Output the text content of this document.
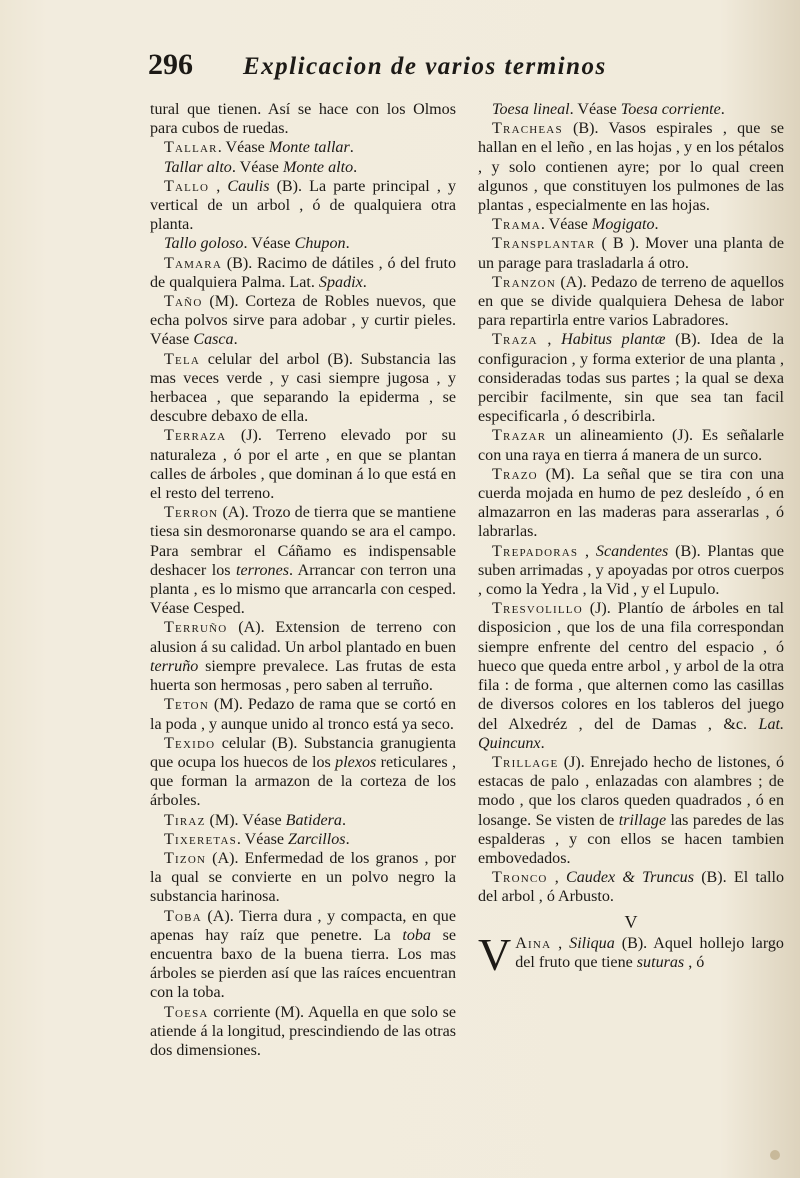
296	Explicacion de varios terminos

tural que tienen. Así se hace con los Olmos para cubos de ruedas.

Tallar. Véase Monte tallar.

Tallar alto. Véase Monte alto.

Tallo , Caulis (B). La parte principal , y vertical de un arbol , ó de qualquiera otra planta.

Tallo goloso. Véase Chupon.

Tamara (B). Racimo de dátiles , ó del fruto de qualquiera Palma. Lat. Spadix.

Taño (M). Corteza de Robles nuevos, que echa polvos sirve para adobar , y curtir pieles. Véase Casca.

Tela celular del arbol (B). Substancia las mas veces verde , y casi siempre jugosa , y herbacea , que separando la epiderma , se descubre debaxo de ella.

Terraza (J). Terreno elevado por su naturaleza , ó por el arte , en que se plantan calles de árboles , que dominan á lo que está en el resto del terreno.

Terron (A). Trozo de tierra que se mantiene tiesa sin desmoronarse quando se ara el campo. Para sembrar el Cáñamo es indispensable deshacer los terrones. Arrancar con terron una planta , es lo mismo que arrancarla con cesped. Véase Cesped.

Terruño (A). Extension de terreno con alusion á su calidad. Un arbol plantado en buen terruño siempre prevalece. Las frutas de esta huerta son hermosas , pero saben al terruño.

Teton (M). Pedazo de rama que se cortó en la poda , y aunque unido al tronco está ya seco.

Texido celular (B). Substancia granugienta que ocupa los huecos de los plexos reticulares , que forman la armazon de la corteza de los árboles.

Tiraz (M). Véase Batidera.

Tixeretas. Véase Zarcillos.

Tizon (A). Enfermedad de los granos , por la qual se convierte en un polvo negro la substancia harinosa.

Toba (A). Tierra dura , y compacta, en que apenas hay raíz que penetre. La toba se encuentra baxo de la buena tierra. Los mas árboles se pierden así que las raíces encuentran con la toba.

Toesa corriente (M). Aquella en que solo se atiende á la longitud, prescindiendo de las otras dos dimensiones.

Toesa lineal. Véase Toesa corriente.

Tracheas (B). Vasos espirales , que se hallan en el leño , en las hojas , y en los pétalos , y solo contienen ayre; por lo qual creen algunos , que constituyen los pulmones de las plantas , especialmente en las hojas.

Trama. Véase Mogigato.

Transplantar ( B ). Mover una planta de un parage para trasladarla á otro.

Tranzon (A). Pedazo de terreno de aquellos en que se divide qualquiera Dehesa de labor para repartirla entre varios Labradores.

Traza , Habitus plantæ (B). Idea de la configuracion , y forma exterior de una planta , consideradas todas sus partes ; la qual se dexa percibir facilmente, sin que sea tan facil especificarla , ó describirla.

Trazar un alineamiento (J). Es señalarle con una raya en tierra á manera de un surco.

Trazo (M). La señal que se tira con una cuerda mojada en humo de pez desleído , ó en almazarron en las maderas para asserarlas , ó labrarlas.

Trepadoras , Scandentes (B). Plantas que suben arrimadas , y apoyadas por otros cuerpos , como la Yedra , la Vid , y el Lupulo.

Tresvolillo (J). Plantío de árboles en tal disposicion , que los de una fila correspondan siempre enfrente del centro del espacio , ó hueco que queda entre arbol , y arbol de la otra fila : de forma , que alternen como las casillas de diversos colores en los tableros del juego del Alxedréz , del de Damas , &c. Lat. Quincunx.

Trillage (J). Enrejado hecho de listones, ó estacas de palo , enlazadas con alambres ; de modo , que los claros queden quadrados , ó en losange. Se visten de trillage las paredes de las espalderas , y con ellos se hacen tambien embovedados.

Tronco , Caudex & Truncus (B). El tallo del arbol , ó Arbusto.

V

V Aina , Siliqua (B). Aquel hollejo largo del fruto que tiene suturas , ó
